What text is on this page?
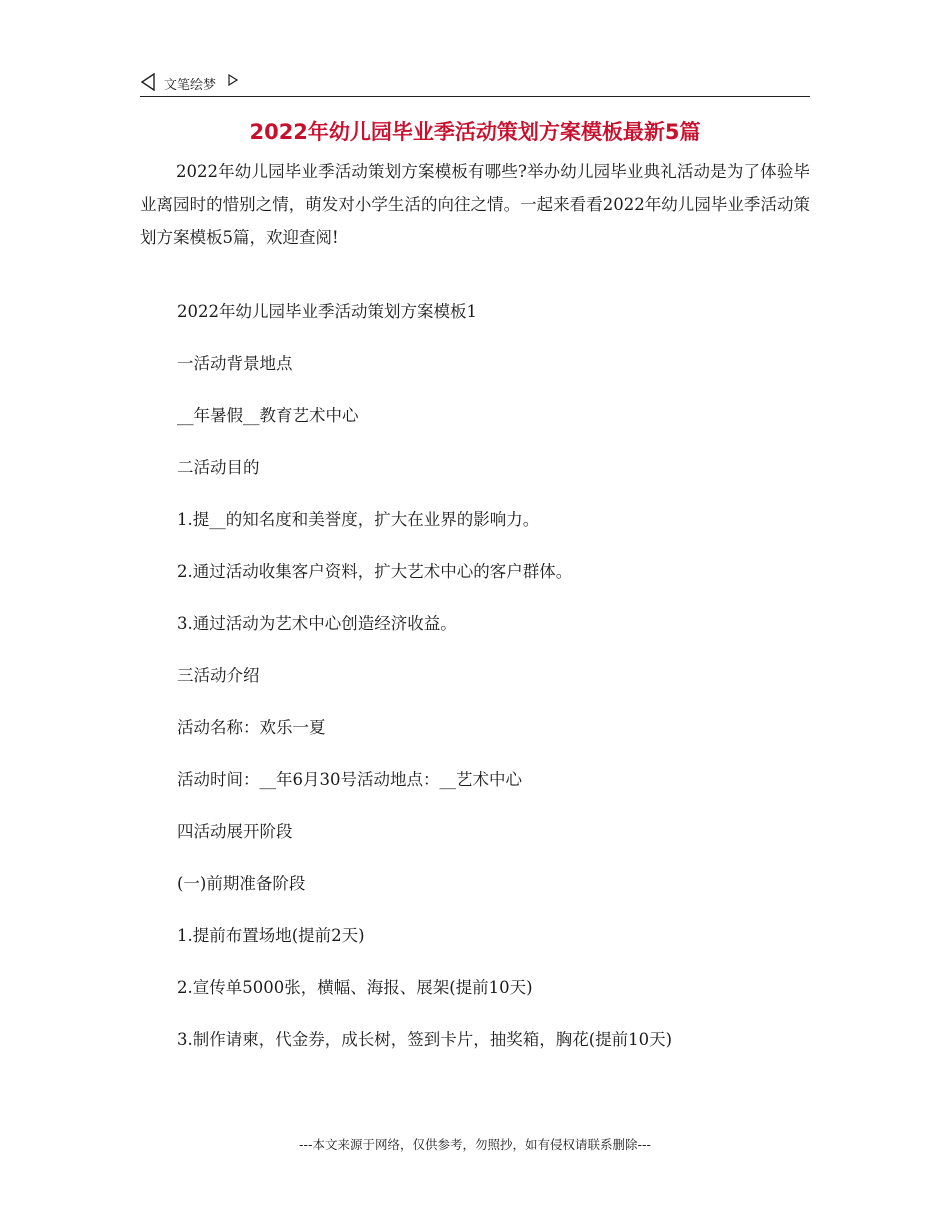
文笔绘梦
2022年幼儿园毕业季活动策划方案模板最新5篇

2022年幼儿园毕业季活动策划方案模板有哪些?举办幼儿园毕业典礼活动是为了体验毕业离园时的惜别之情，萌发对小学生活的向往之情。一起来看看2022年幼儿园毕业季活动策划方案模板5篇，欢迎查阅!

2022年幼儿园毕业季活动策划方案模板1
一活动背景地点
__年暑假__教育艺术中心
二活动目的
1.提__的知名度和美誉度，扩大在业界的影响力。
2.通过活动收集客户资料，扩大艺术中心的客户群体。
3.通过活动为艺术中心创造经济收益。
三活动介绍
活动名称：欢乐一夏
活动时间：__年6月30号活动地点：__艺术中心
四活动展开阶段
(一)前期准备阶段
1.提前布置场地(提前2天)
2.宣传单5000张，横幅、海报、展架(提前10天)
3.制作请柬，代金券，成长树，签到卡片，抽奖箱，胸花(提前10天)
---本文来源于网络，仅供参考，勿照抄，如有侵权请联系删除---
